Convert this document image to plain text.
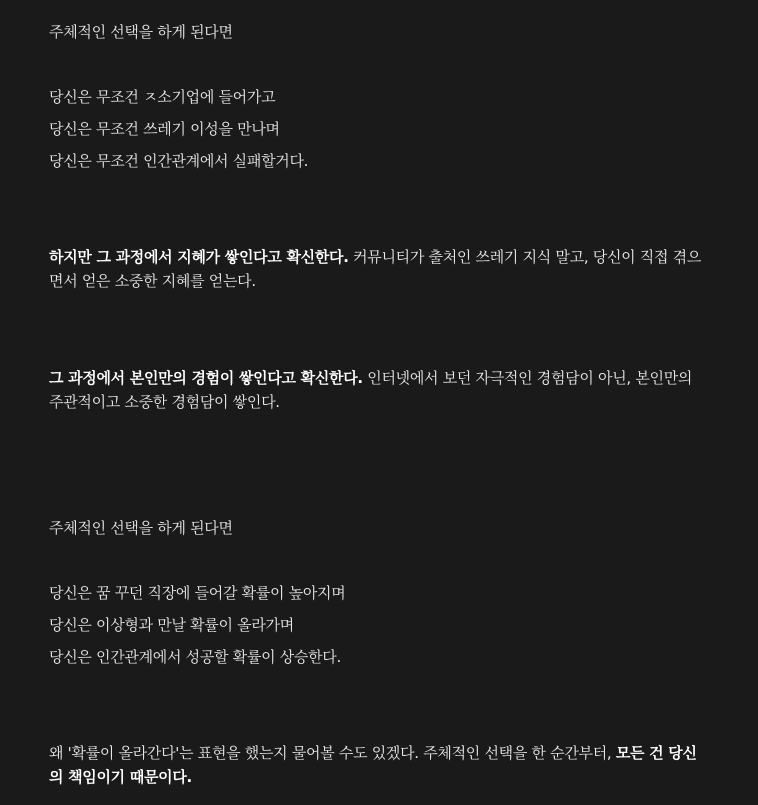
주체적인 선택을 하게 된다면
당신은 무조건 ㅈ소기업에 들어가고
당신은 무조건 쓰레기 이성을 만나며
당신은 무조건 인간관계에서 실패할거다.
하지만 그 과정에서 지혜가 쌓인다고 확신한다. 커뮤니티가 출처인 쓰레기 지식 말고, 당신이 직접 겪으면서 얻은 소중한 지혜를 얻는다.
그 과정에서 본인만의 경험이 쌓인다고 확신한다. 인터넷에서 보던 자극적인 경험담이 아닌, 본인만의 주관적이고 소중한 경험담이 쌓인다.
주체적인 선택을 하게 된다면
당신은 꿈 꾸던 직장에 들어갈 확률이 높아지며
당신은 이상형과 만날 확률이 올라가며
당신은 인간관계에서 성공할 확률이 상승한다.
왜 '확률이 올라간다'는 표현을 했는지 물어볼 수도 있겠다. 주체적인 선택을 한 순간부터, 모든 건 당신의 책임이기 때문이다.
